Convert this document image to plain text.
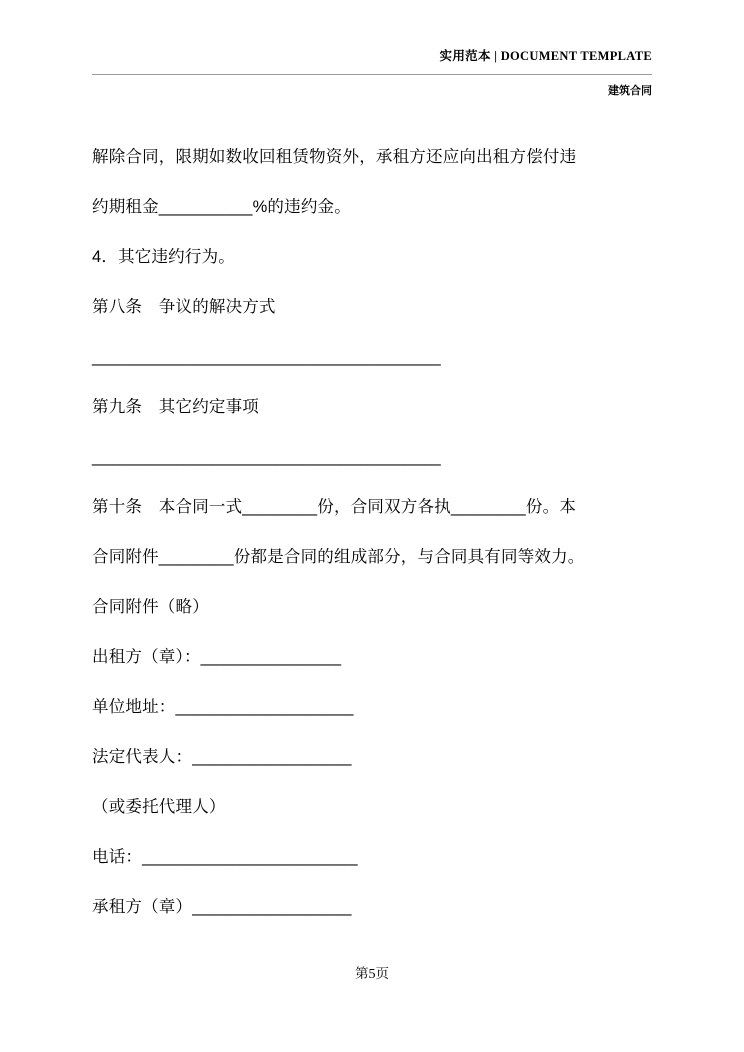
实用范本 | DOCUMENT TEMPLATE
建筑合同
解除合同，限期如数收回租赁物资外，承租方还应向出租方偿付违
约期租金__________%的违约金。
4．其它违约行为。
第八条　争议的解决方式
______________________________________
第九条　其它约定事项
______________________________________
第十条　本合同一式________份，合同双方各执________份。本
合同附件________份都是合同的组成部分，与合同具有同等效力。
合同附件（略）
出租方（章）：_______________
单位地址：___________________
法定代表人：_________________
（或委托代理人）
电话：_______________________
承租方（章）_________________
第5页
